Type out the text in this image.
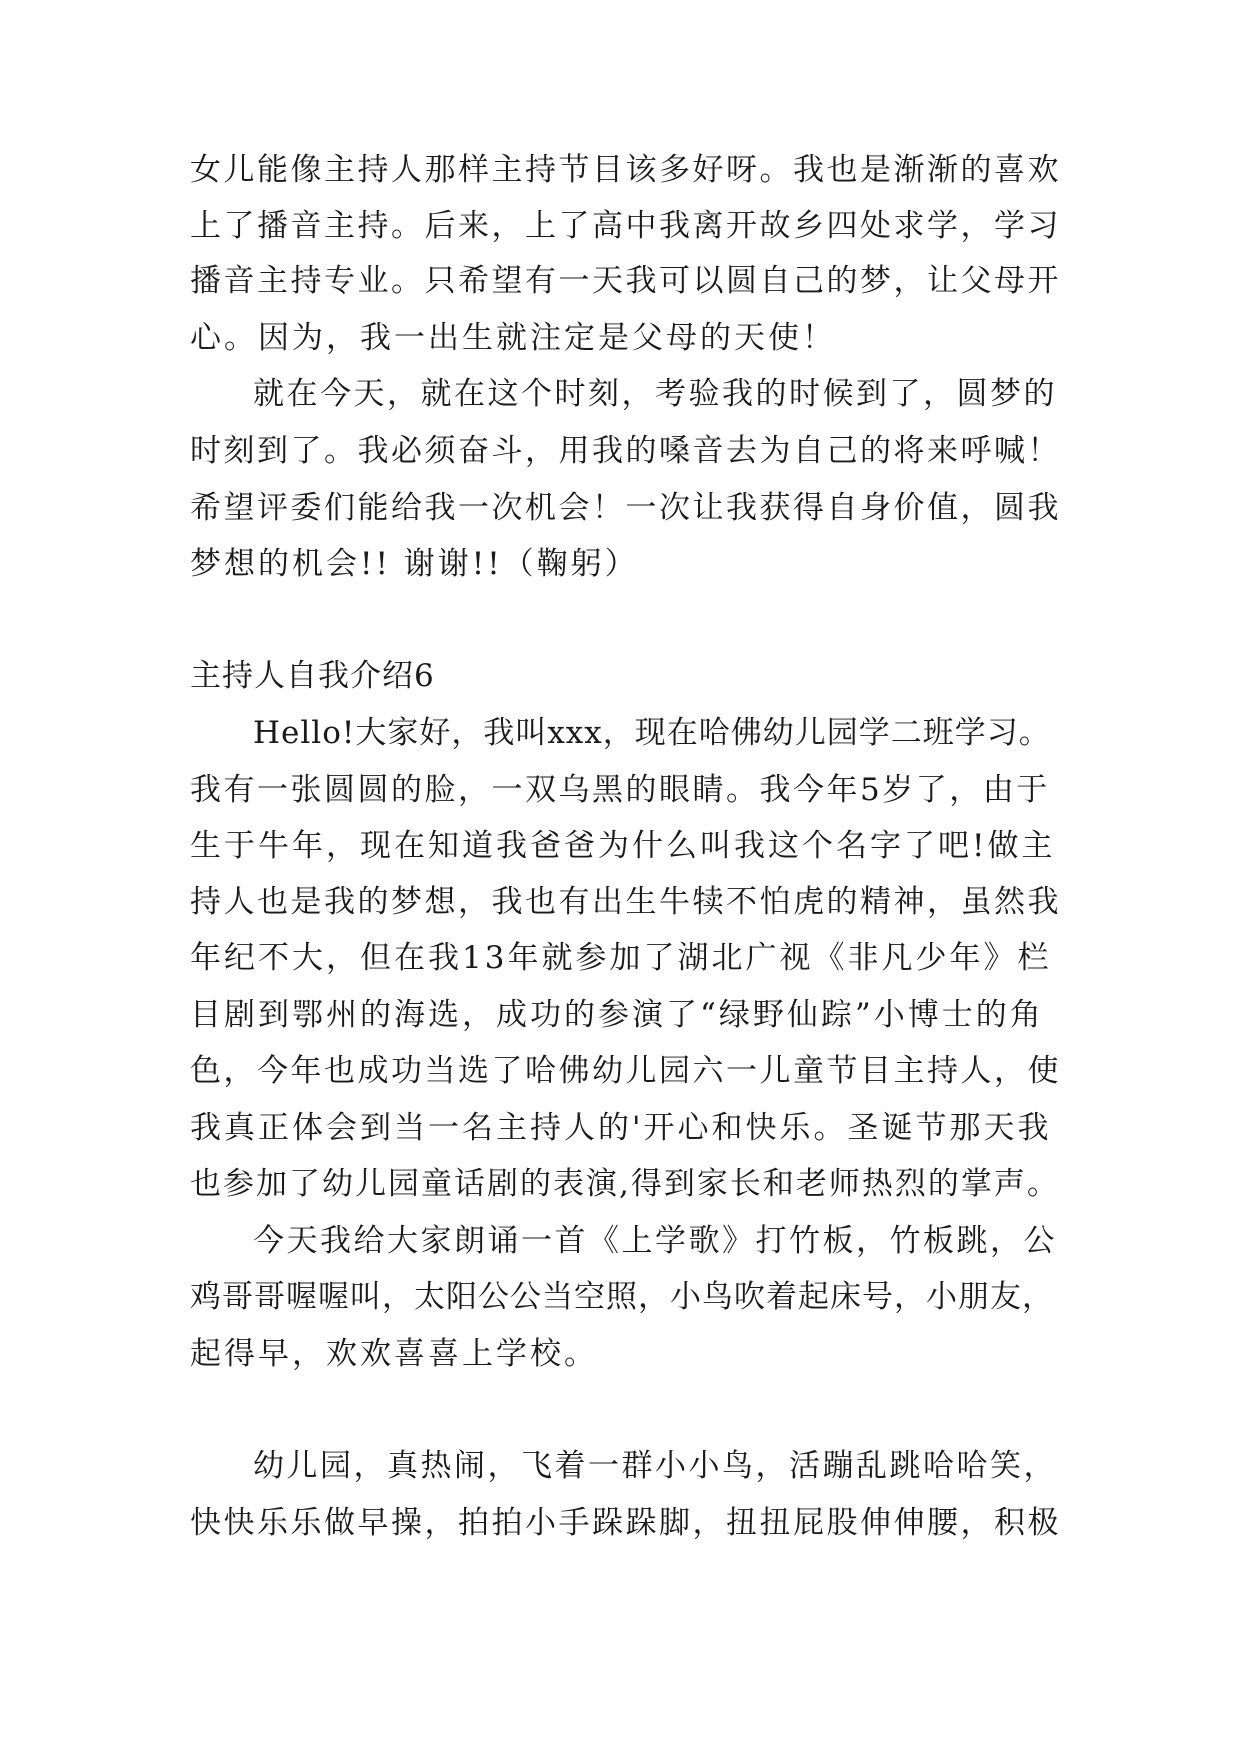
女儿能像主持人那样主持节目该多好呀。我也是渐渐的喜欢
上了播音主持。后来，上了高中我离开故乡四处求学，学习
播音主持专业。只希望有一天我可以圆自己的梦，让父母开
心。因为，我一出生就注定是父母的天使！
就在今天，就在这个时刻，考验我的时候到了，圆梦的
时刻到了。我必须奋斗，用我的嗓音去为自己的将来呼喊！
希望评委们能给我一次机会！一次让我获得自身价值，圆我
梦想的机会!! 谢谢!!（鞠躬）
主持人自我介绍6
Hello!大家好，我叫xxx，现在哈佛幼儿园学二班学习。
我有一张圆圆的脸，一双乌黑的眼睛。我今年5岁了，由于
生于牛年，现在知道我爸爸为什么叫我这个名字了吧!做主
持人也是我的梦想，我也有出生牛犊不怕虎的精神，虽然我
年纪不大，但在我13年就参加了湖北广视《非凡少年》栏
目剧到鄂州的海选，成功的参演了“绿野仙踪”小博士的角
色，今年也成功当选了哈佛幼儿园六一儿童节目主持人，使
我真正体会到当一名主持人的'开心和快乐。圣诞节那天我
也参加了幼儿园童话剧的表演,得到家长和老师热烈的掌声。
今天我给大家朗诵一首《上学歌》打竹板，竹板跳，公
鸡哥哥喔喔叫，太阳公公当空照，小鸟吹着起床号，小朋友，
起得早，欢欢喜喜上学校。
幼儿园，真热闹，飞着一群小小鸟，活蹦乱跳哈哈笑，
快快乐乐做早操，拍拍小手跺跺脚，扭扭屁股伸伸腰，积极
